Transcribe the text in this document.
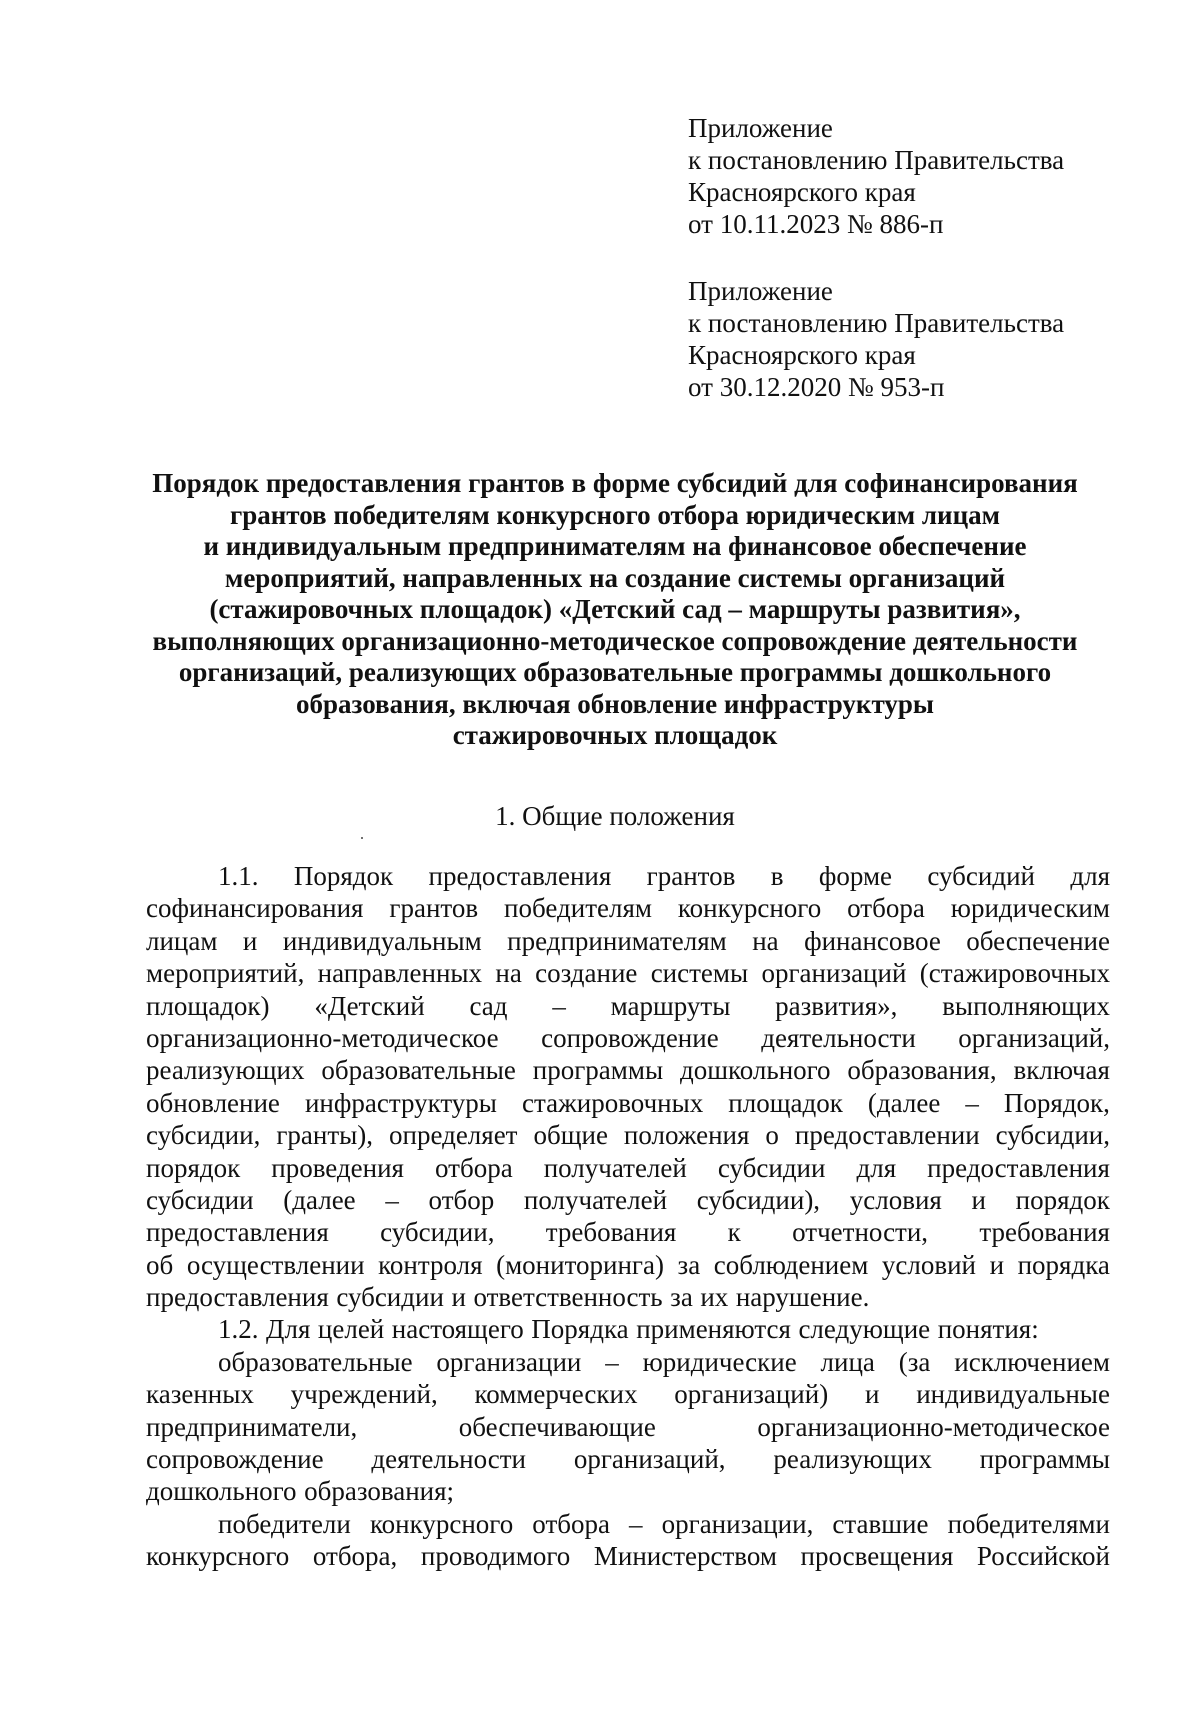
Приложение
к постановлению Правительства
Красноярского края
от 10.11.2023 № 886-п
Приложение
к постановлению Правительства
Красноярского края
от 30.12.2020 № 953-п
Порядок предоставления грантов в форме субсидий для софинансирования
грантов победителям конкурсного отбора юридическим лицам
и индивидуальным предпринимателям на финансовое обеспечение
мероприятий, направленных на создание системы организаций
(стажировочных площадок) «Детский сад – маршруты развития»,
выполняющих организационно-методическое сопровождение деятельности
организаций, реализующих образовательные программы дошкольного
образования, включая обновление инфраструктуры
стажировочных площадок
1. Общие положения
1.1. Порядок предоставления грантов в форме субсидий для
софинансирования грантов победителям конкурсного отбора юридическим
лицам и индивидуальным предпринимателям на финансовое обеспечение
мероприятий, направленных на создание системы организаций (стажировочных
площадок) «Детский сад – маршруты развития», выполняющих
организационно-методическое сопровождение деятельности организаций,
реализующих образовательные программы дошкольного образования, включая
обновление инфраструктуры стажировочных площадок (далее – Порядок,
субсидии, гранты), определяет общие положения о предоставлении субсидии,
порядок проведения отбора получателей субсидии для предоставления
субсидии (далее – отбор получателей субсидии), условия и порядок
предоставления субсидии, требования к отчетности, требования
об осуществлении контроля (мониторинга) за соблюдением условий и порядка
предоставления субсидии и ответственность за их нарушение.
1.2. Для целей настоящего Порядка применяются следующие понятия:
образовательные организации – юридические лица (за исключением
казенных учреждений, коммерческих организаций) и индивидуальные
предприниматели,	обеспечивающие	организационно-методическое
сопровождение деятельности организаций, реализующих программы
дошкольного образования;
победители конкурсного отбора – организации, ставшие победителями
конкурсного отбора, проводимого Министерством просвещения Российской
